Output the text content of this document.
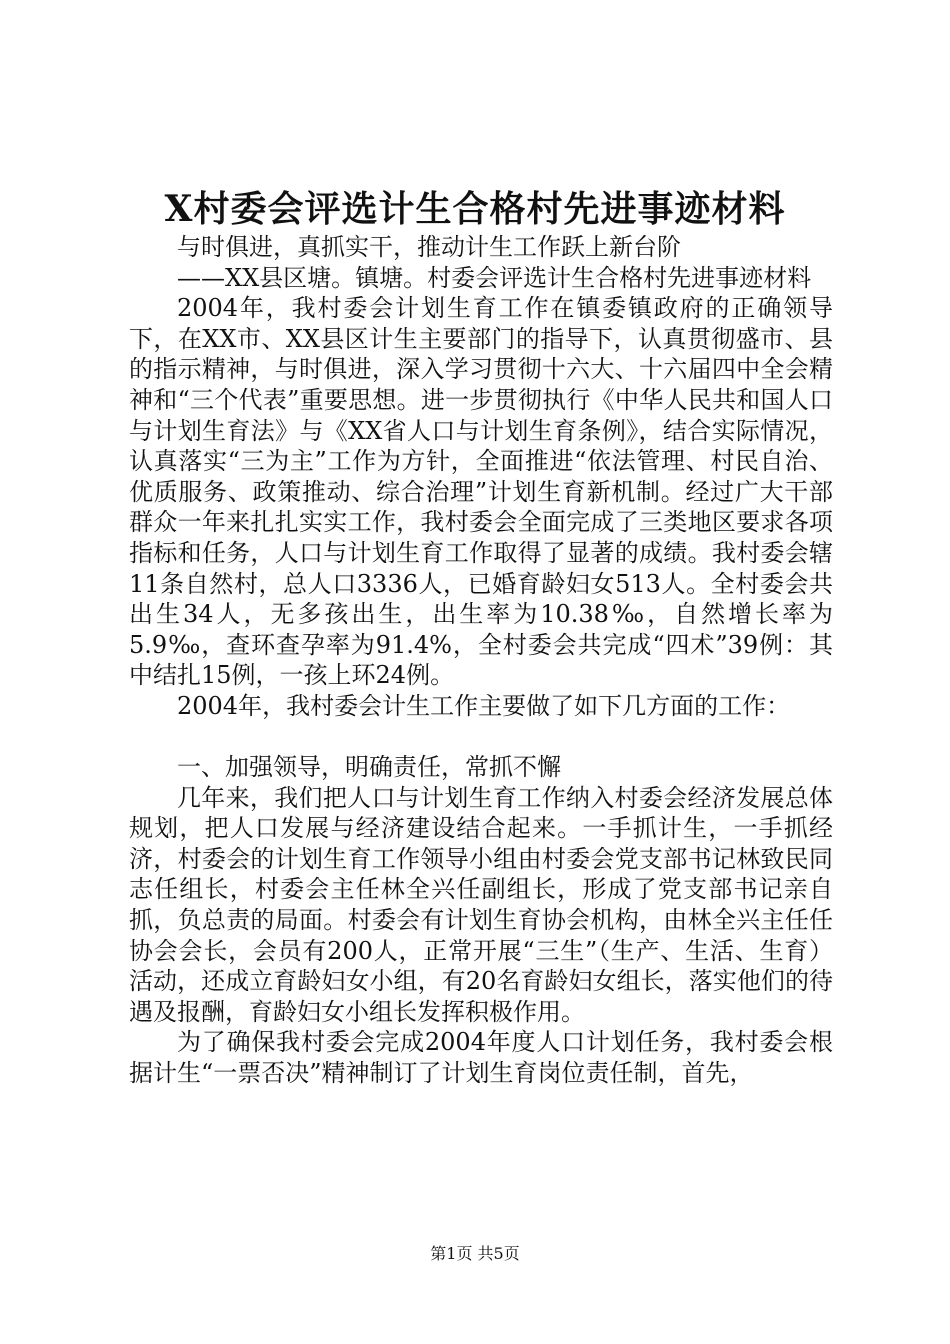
X村委会评选计生合格村先进事迹材料

与时俱进，真抓实干，推动计生工作跃上新台阶

——XX县区塘。镇塘。村委会评选计生合格村先进事迹材料

2004年，我村委会计划生育工作在镇委镇政府的正确领导下，在XX市、XX县区计生主要部门的指导下，认真贯彻盛市、县的指示精神，与时俱进，深入学习贯彻十六大、十六届四中全会精神和“三个代表”重要思想。进一步贯彻执行《中华人民共和国人口与计划生育法》与《XX省人口与计划生育条例》，结合实际情况，认真落实“三为主”工作为方针，全面推进“依法管理、村民自治、优质服务、政策推动、综合治理”计划生育新机制。经过广大干部群众一年来扎扎实实工作，我村委会全面完成了三类地区要求各项指标和任务，人口与计划生育工作取得了显著的成绩。我村委会辖11条自然村，总人口3336人，已婚育龄妇女513人。全村委会共出生34人，无多孩出生，出生率为10.38‰，自然增长率为5.9‰，查环查孕率为91.4%，全村委会共完成“四术”39例：其中结扎15例，一孩上环24例。

2004年，我村委会计生工作主要做了如下几方面的工作：

一、加强领导，明确责任，常抓不懈

几年来，我们把人口与计划生育工作纳入村委会经济发展总体规划，把人口发展与经济建设结合起来。一手抓计生，一手抓经济，村委会的计划生育工作领导小组由村委会党支部书记林致民同志任组长，村委会主任林全兴任副组长，形成了党支部书记亲自抓，负总责的局面。村委会有计划生育协会机构，由林全兴主任任协会会长，会员有200人，正常开展“三生”（生产、生活、生育）活动，还成立育龄妇女小组，有20名育龄妇女组长，落实他们的待遇及报酬，育龄妇女小组长发挥积极作用。

为了确保我村委会完成2004年度人口计划任务，我村委会根据计生“一票否决”精神制订了计划生育岗位责任制，首先，

第1页 共5页
